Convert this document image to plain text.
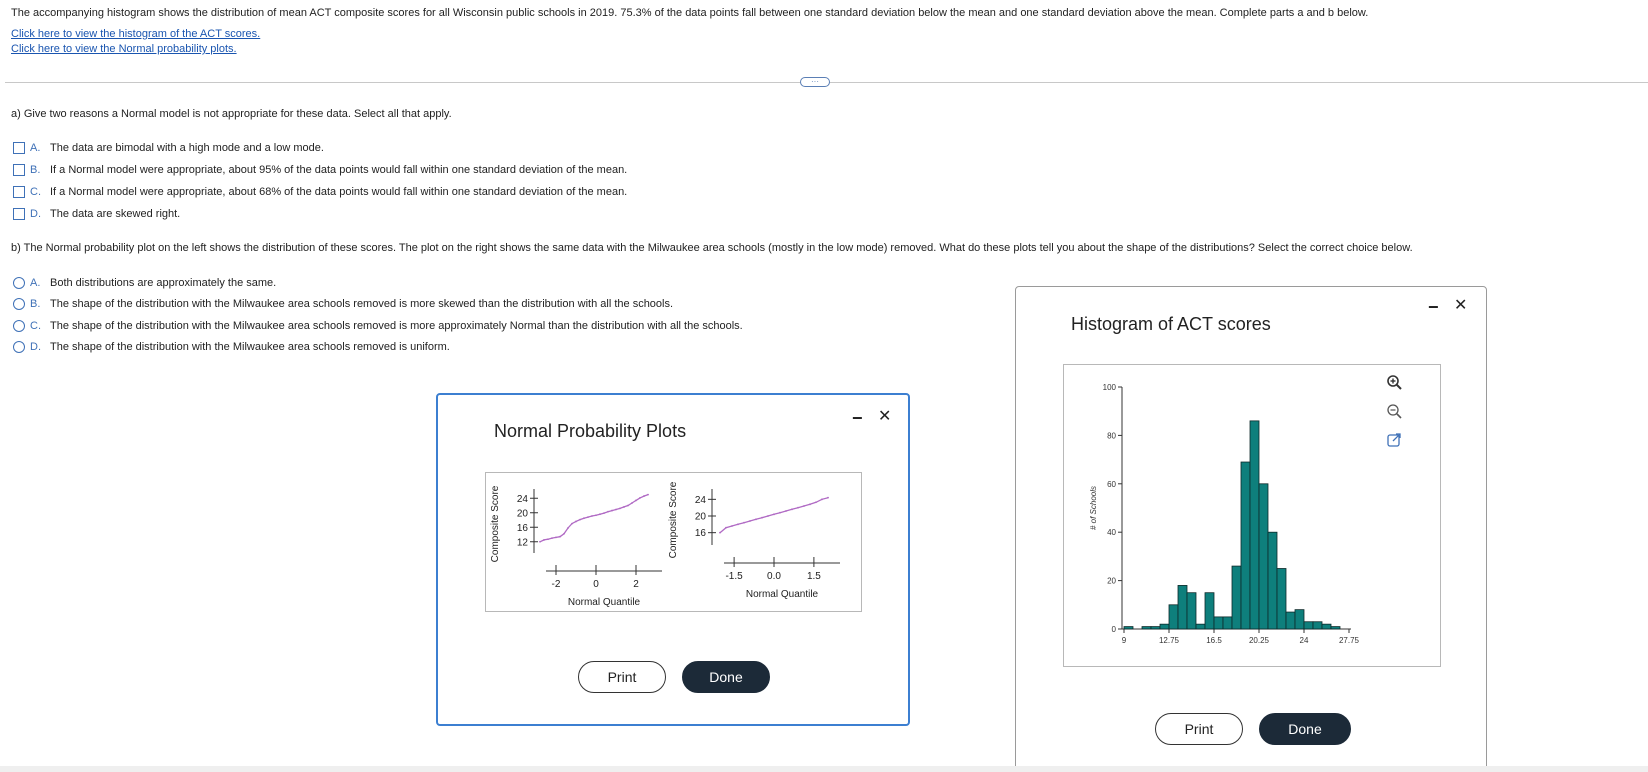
The accompanying histogram shows the distribution of mean ACT composite scores for all Wisconsin public schools in 2019. 75.3% of the data points fall between one standard deviation below the mean and one standard deviation above the mean. Complete parts a and b below.
Click here to view the histogram of the ACT scores.
Click here to view the Normal probability plots.
···
a) Give two reasons a Normal model is not appropriate for these data. Select all that apply.
A. The data are bimodal with a high mode and a low mode.
B. If a Normal model were appropriate, about 95% of the data points would fall within one standard deviation of the mean.
C. If a Normal model were appropriate, about 68% of the data points would fall within one standard deviation of the mean.
D. The data are skewed right.
b) The Normal probability plot on the left shows the distribution of these scores. The plot on the right shows the same data with the Milwaukee area schools (mostly in the low mode) removed. What do these plots tell you about the shape of the distributions? Select the correct choice below.
A. Both distributions are approximately the same.
B. The shape of the distribution with the Milwaukee area schools removed is more skewed than the distribution with all the schools.
C. The shape of the distribution with the Milwaukee area schools removed is more approximately Normal than the distribution with all the schools.
D. The shape of the distribution with the Milwaukee area schools removed is uniform.
Normal Probability Plots
− ✕
Composite Score 24
20
16
12
-2	0	2
Normal Quantile
Composite Score 24
20
16
-1.5 0.0	1.5
Normal Quantile
Print	Done
Histogram of ACT scores
− ✕
# of Schools
100
80
60
40
20
0
9	12.75	16.5	20.25	24	27.75
Print	Done
